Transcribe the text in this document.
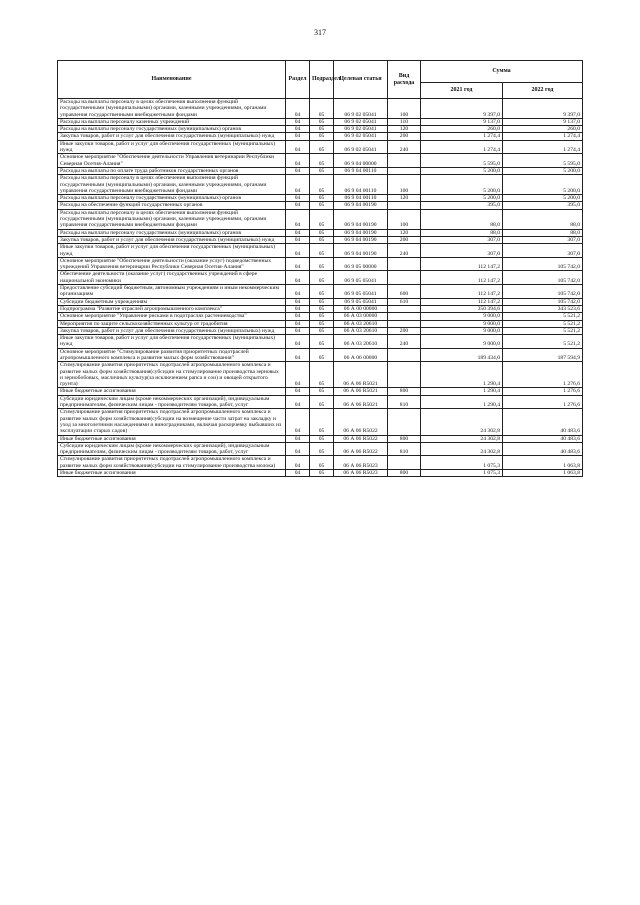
317
Наименование	Раздел	Подраздел	Целевая статья	Вид расхода	Сумма	
					2021 год	2022 год
Расходы на выплаты персоналу в целях обеспечения выполнения функций государственными (муниципальными) органами, казенными учреждениями, органами управления государственными внебюджетными фондами	04	05	06 9 02 05041	100	9 397,0	9 397,0
Расходы на выплаты персоналу казенных учреждений	04	05	06 9 02 05041	110	9 137,0	9 137,0
Расходы на выплаты персоналу государственных (муниципальных) органов	04	05	06 9 02 05041	120	260,0	260,0
Закупка товаров, работ и услуг для обеспечения государственных (муниципальных) нужд	04	05	06 9 02 05041	200	1 274,4	1 274,4
Иные закупки товаров, работ и услуг для обеспечения государственных (муниципальных) нужд	04	05	06 9 02 05041	240	1 274,4	1 274,4
Основное мероприятие "Обеспечение деятельности Управления ветеринарии Республики Северная Осетия-Алания"	04	05	06 9 04 00000		5 595,0	5 595,0
Расходы на выплаты по оплате труда работников государственных органов	04	05	06 9 04 00110		5 200,0	5 200,0
Расходы на выплаты персоналу в целях обеспечения выполнения функций государственными (муниципальными) органами, казенными учреждениями, органами управления государственными внебюджетными фондами	04	05	06 9 04 00110	100	5 200,0	5 200,0
Расходы на выплаты персоналу государственных (муниципальных) органов	04	05	06 9 04 00110	120	5 200,0	5 200,0
Расходы на обеспечение функций государственных органов	04	05	06 9 04 00190		395,0	395,0
Расходы на выплаты персоналу в целях обеспечения выполнения функций государственными (муниципальными) органами, казенными учреждениями, органами управления государственными внебюджетными фондами	04	05	06 9 04 00190	100	88,0	88,0
Расходы на выплаты персоналу государственных (муниципальных) органов	04	05	06 9 04 00190	120	88,0	88,0
Закупка товаров, работ и услуг для обеспечения государственных (муниципальных) нужд	04	05	06 9 04 00190	200	307,0	307,0
Иные закупки товаров, работ и услуг для обеспечения государственных (муниципальных) нужд	04	05	06 9 04 00190	240	307,0	307,0
Основное мероприятие "Обеспечение деятельности (оказание услуг) подведомственных учреждений Управления ветеринарии Республики Северная Осетия-Алания"	04	05	06 9 05 00000		112 147,2	105 742,0
Обеспечение деятельности (оказание услуг) государственных учреждений в сфере национальной экономики	04	05	06 9 05 05041		112 147,2	105 742,0
Предоставление субсидий бюджетным, автономным учреждениям и иным некоммерческим организациям	04	05	06 9 05 05041	600	112 147,2	105 742,0
Субсидии бюджетным учреждениям	04	05	06 9 05 05041	610	112 147,2	105 742,0
Подпрограмма "Развитие отраслей агропромышленного комплекса"	04	05	06 А 00 00000		350 394,6	343 523,6
Основное мероприятие "Управление рисками в подотраслях растениеводства"	04	05	06 А 03 00000		9 000,0	5 521,2
Мероприятия по защите сельскохозяйственных культур от градобития	04	05	06 А 03 20610		9 000,0	5 521,2
Закупка товаров, работ и услуг для обеспечения государственных (муниципальных) нужд	04	05	06 А 03 20610	200	9 000,0	5 521,2
Иные закупки товаров, работ и услуг для обеспечения государственных (муниципальных) нужд	04	05	06 А 03 20610	240	9 000,0	5 521,2
Основное мероприятие "Стимулирование развития приоритетных подотраслей агропромышленного комплекса и развитие малых форм хозяйствования"	04	05	06 А 06 00000		189 434,0	187 594,9
Стимулирование развития приоритетных подотраслей агропромышленного комплекса и развитие малых форм хозяйствования(субсидии на стимулирование производства зерновых и зернобобовых, масличных культур(за исключением рапса и сои) и овощей открытого грунта)	04	05	06 А 06 R5021		1 290,4	1 276,6
Иные бюджетные ассигнования	04	05	06 А 06 R5021	800	1 290,4	1 276,6
Субсидии юридическим лицам (кроме некоммерческих организаций), индивидуальным предпринимателям, физическим лицам - производителям товаров, работ, услуг	04	05	06 А 06 R5021	810	1 290,4	1 276,6
Стимулирование развития приоритетных подотраслей агропромышленного комплекса и развитие малых форм хозяйствования(субсидии на возмещение части затрат на закладку и уход за многолетними насаждениями и виноградниками, включая раскорчевку выбывших из эксплуатации старых садов)	04	05	06 А 06 R5022		24 302,8	40 483,6
Иные бюджетные ассигнования	04	05	06 А 06 R5022	800	24 302,8	40 483,6
Субсидии юридическим лицам (кроме некоммерческих организаций), индивидуальным предпринимателям, физическим лицам - производителям товаров, работ, услуг	04	05	06 А 06 R5022	810	24 302,8	40 483,6
Стимулирование развития приоритетных подотраслей агропромышленного комплекса и развитие малых форм хозяйствования(субсидии на стимулирование производства молока)	04	05	06 А 06 R5023		1 075,3	1 063,8
Иные бюджетные ассигнования	04	05	06 А 06 R5023	800	1 075,3	1 063,8
